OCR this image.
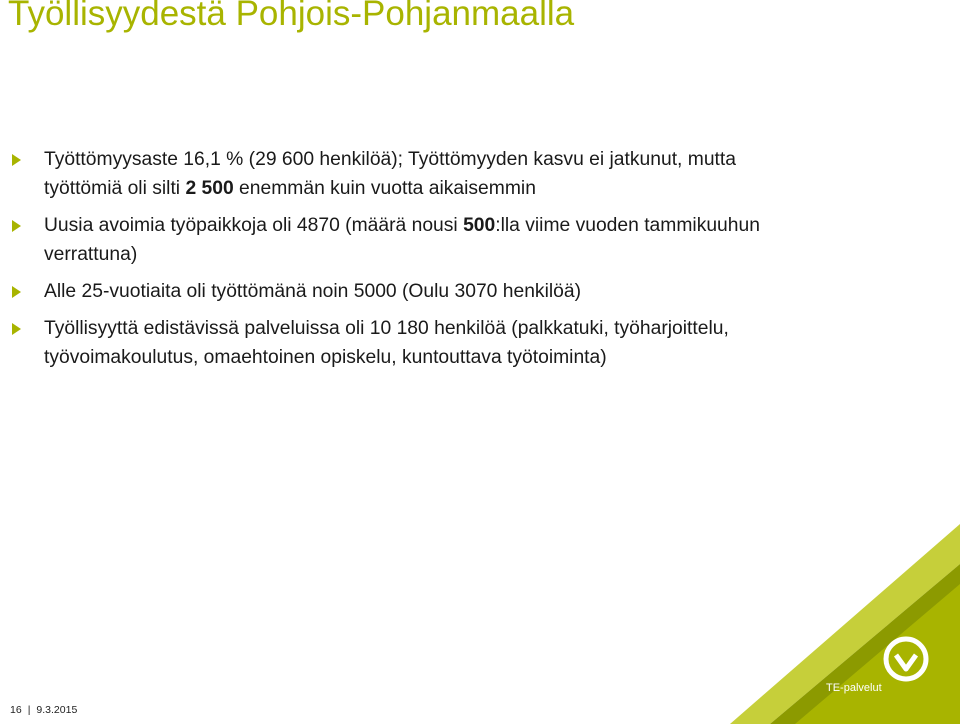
Työllisyydestä Pohjois-Pohjanmaalla
Työttömyysaste 16,1 % (29 600 henkilöä); Työttömyyden kasvu ei jatkunut, mutta työttömiä oli silti 2 500 enemmän kuin vuotta aikaisemmin
Uusia avoimia työpaikkoja oli 4870 (määrä nousi 500:lla viime vuoden tammikuuhun verrattuna)
Alle 25-vuotiaita oli työttömänä noin 5000 (Oulu 3070 henkilöä)
Työllisyyttä edistävissä palveluissa oli 10 180 henkilöä (palkkatuki, työharjoittelu, työvoimakoulutus, omaehtoinen opiskelu, kuntouttava työtoiminta)
16 | 9.3.2015
TE-palvelut
